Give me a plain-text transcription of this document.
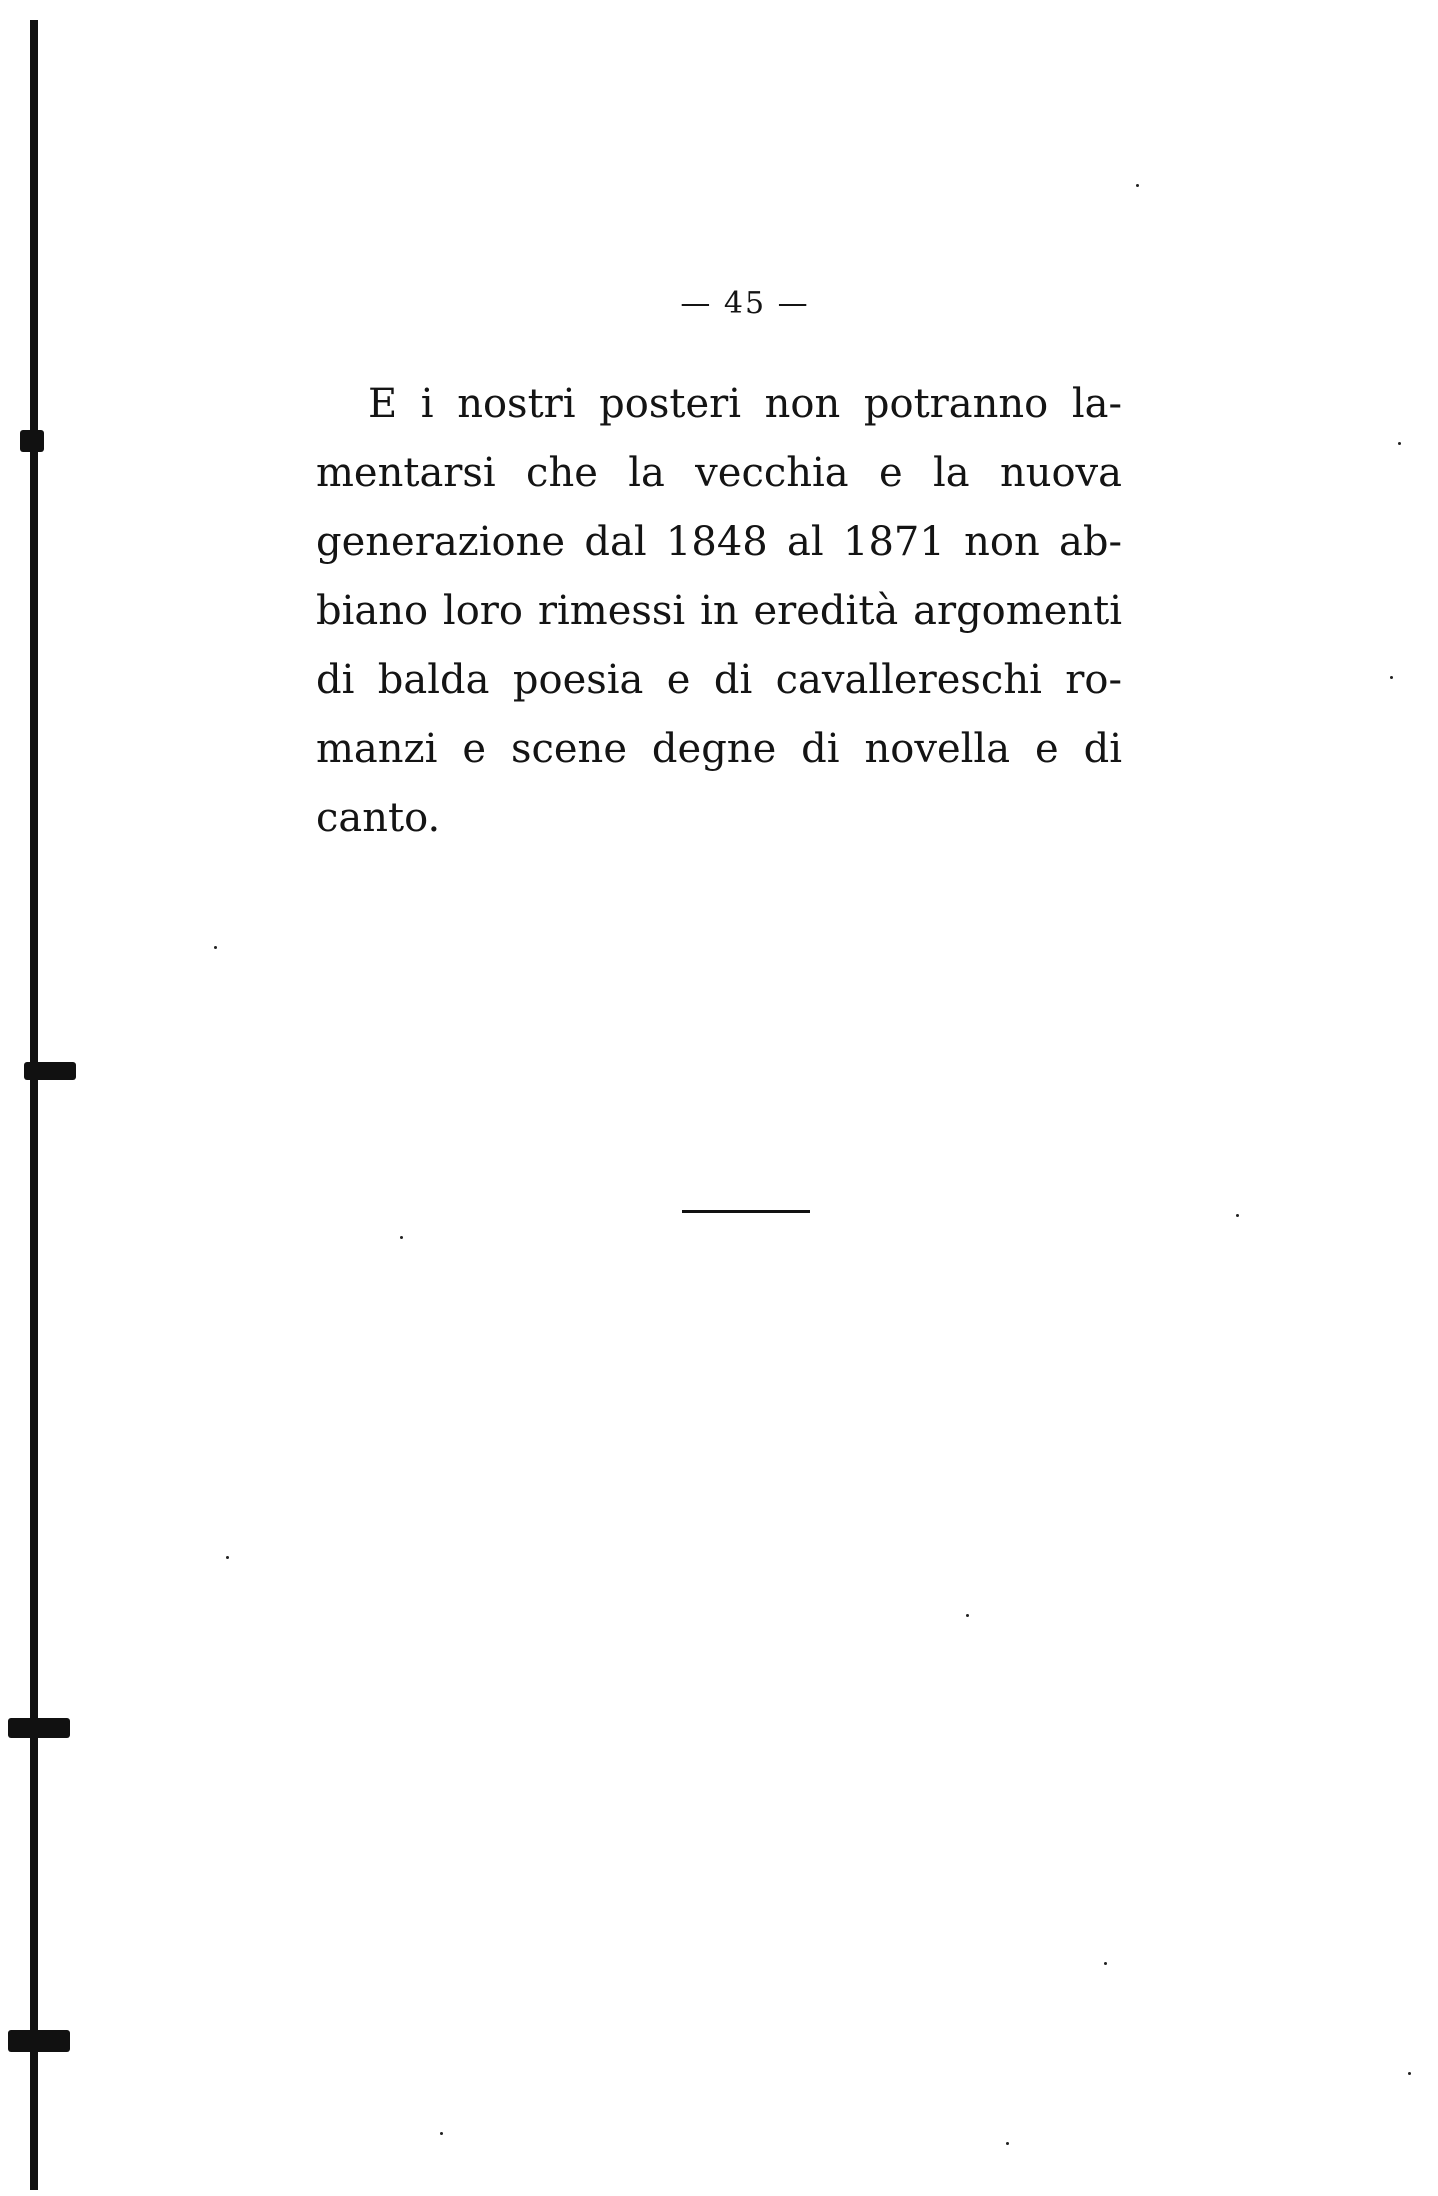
— 45 —
E i nostri posteri non potranno la-
mentarsi che la vecchia e la nuova
generazione dal 1848 al 1871 non ab-
biano loro rimessi in eredità argomenti
di balda poesia e di cavallereschi ro-
manzi e scene degne di novella e di
canto.
